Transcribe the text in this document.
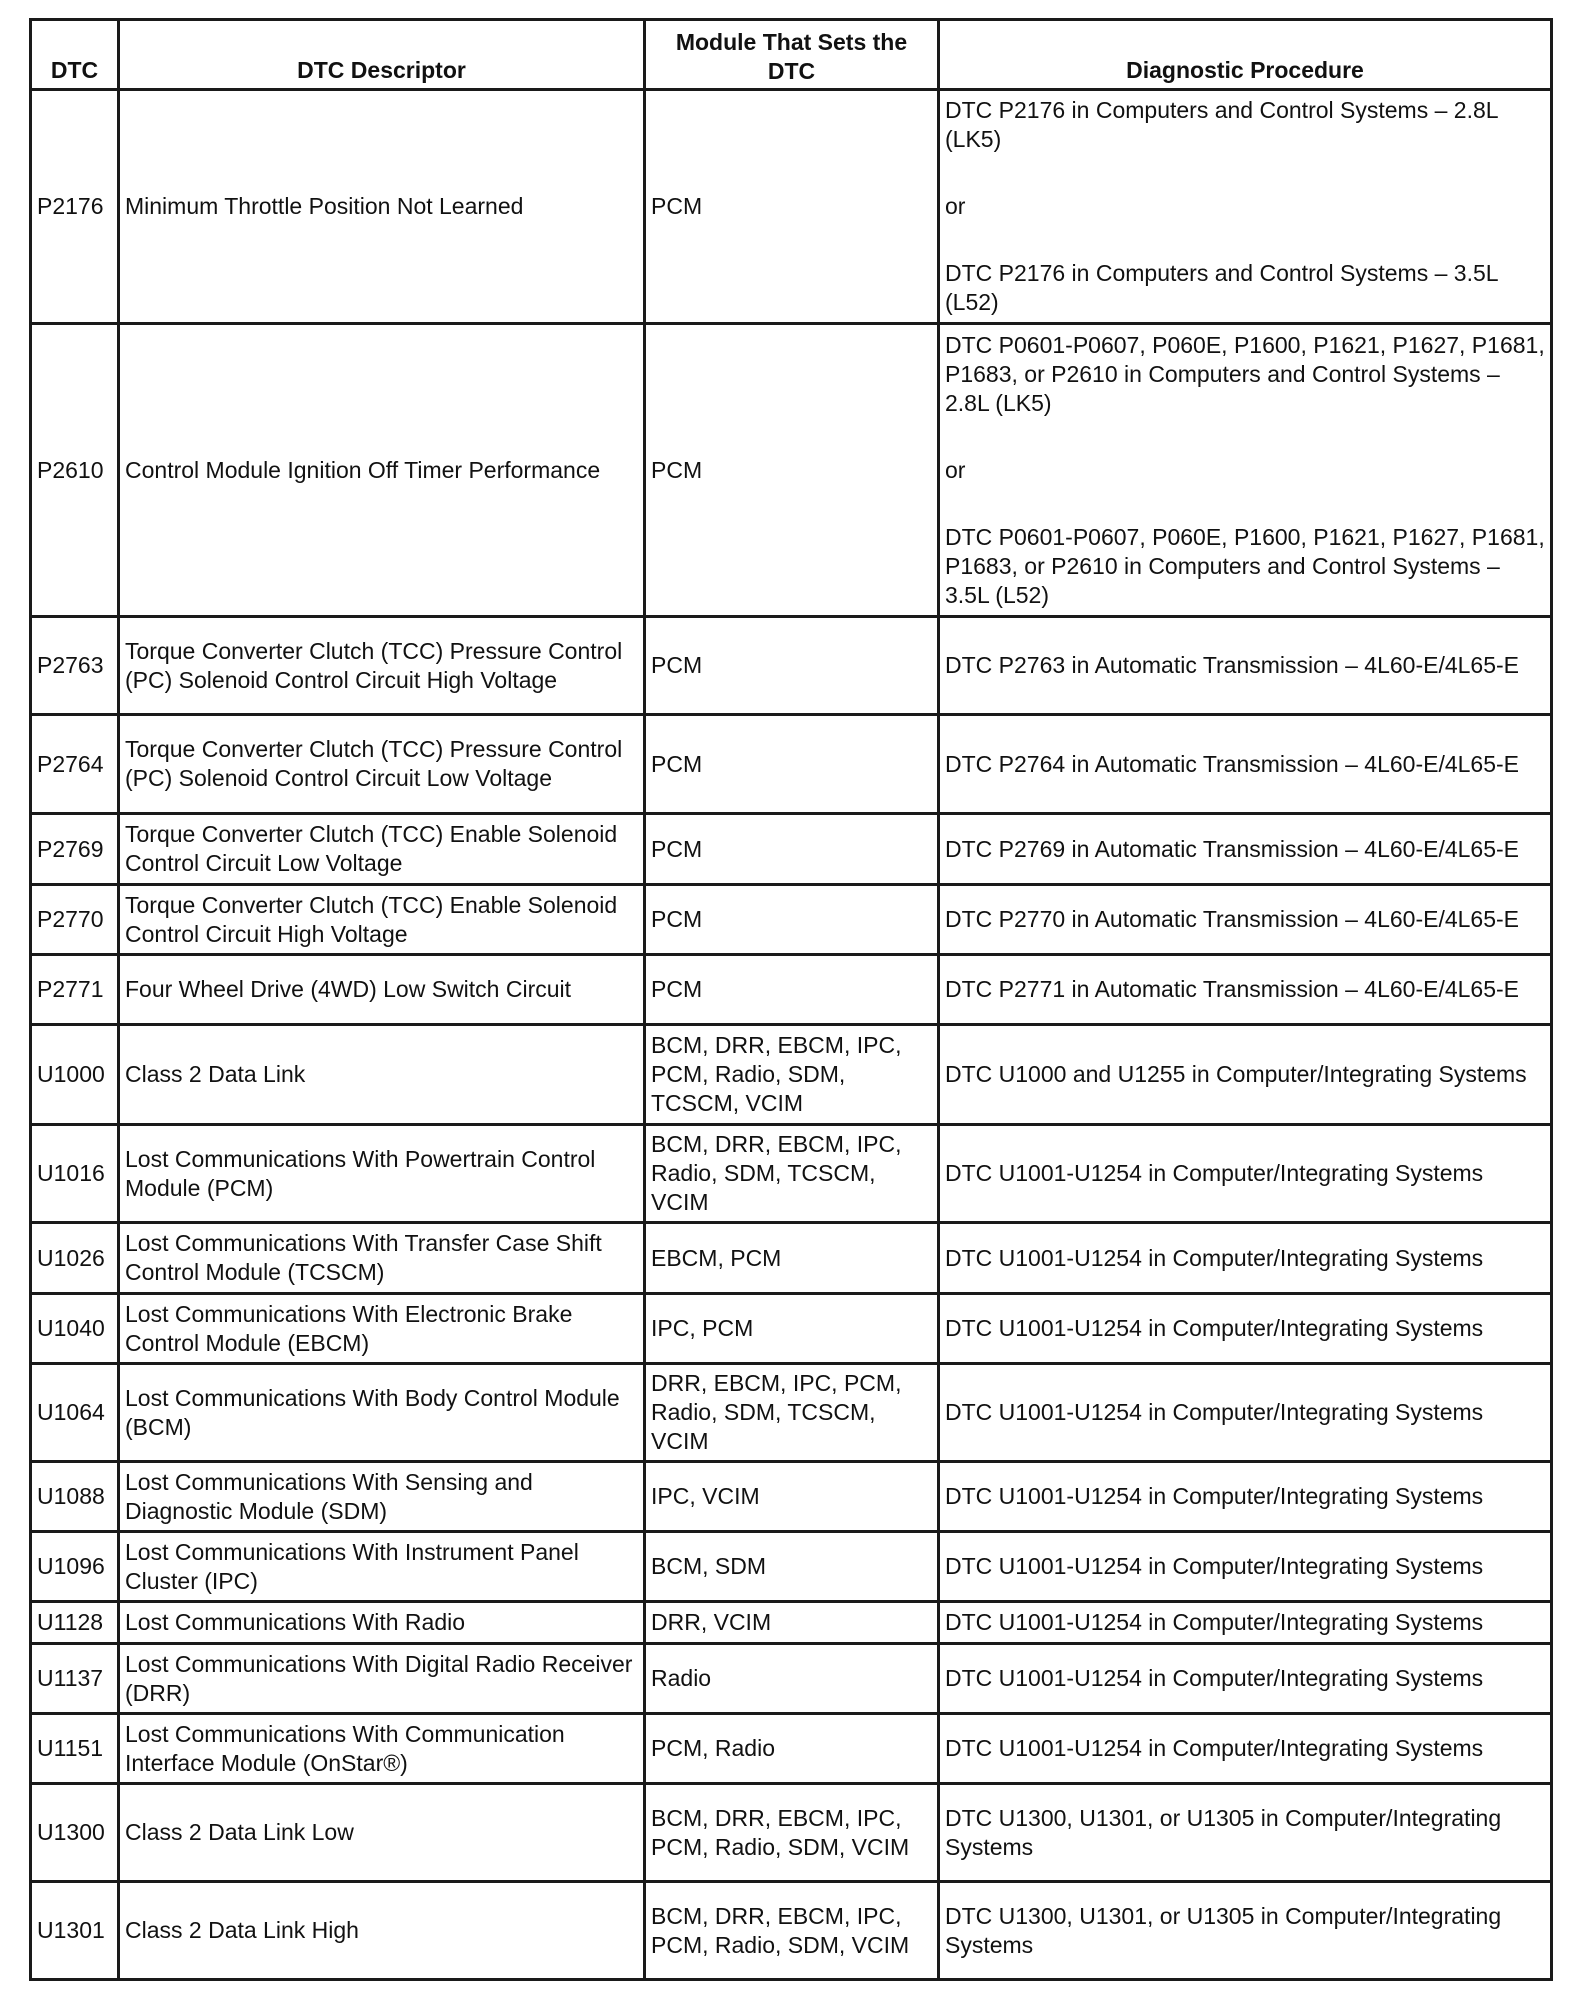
DTC	DTC Descriptor	Module That Sets the DTC	Diagnostic Procedure
P2176	Minimum Throttle Position Not Learned	PCM	DTC P2176 in Computers and Control Systems – 2.8L (LK5)
or
DTC P2176 in Computers and Control Systems – 3.5L (L52)

P2610	Control Module Ignition Off Timer Performance	PCM	DTC P0601-P0607, P060E, P1600, P1621, P1627, P1681, P1683, or P2610 in Computers and Control Systems – 2.8L (LK5)
or
DTC P0601-P0607, P060E, P1600, P1621, P1627, P1681, P1683, or P2610 in Computers and Control Systems – 3.5L (L52)

P2763	Torque Converter Clutch (TCC) Pressure Control (PC) Solenoid Control Circuit High Voltage	PCM	DTC P2763 in Automatic Transmission – 4L60-E/4L65-E
P2764	Torque Converter Clutch (TCC) Pressure Control (PC) Solenoid Control Circuit Low Voltage	PCM	DTC P2764 in Automatic Transmission – 4L60-E/4L65-E
P2769	Torque Converter Clutch (TCC) Enable Solenoid Control Circuit Low Voltage	PCM	DTC P2769 in Automatic Transmission – 4L60-E/4L65-E
P2770	Torque Converter Clutch (TCC) Enable Solenoid Control Circuit High Voltage	PCM	DTC P2770 in Automatic Transmission – 4L60-E/4L65-E
P2771	Four Wheel Drive (4WD) Low Switch Circuit	PCM	DTC P2771 in Automatic Transmission – 4L60-E/4L65-E
U1000	Class 2 Data Link	BCM, DRR, EBCM, IPC, PCM, Radio, SDM, TCSCM, VCIM	DTC U1000 and U1255 in Computer/Integrating Systems
U1016	Lost Communications With Powertrain Control Module (PCM)	BCM, DRR, EBCM, IPC, Radio, SDM, TCSCM, VCIM	DTC U1001-U1254 in Computer/Integrating Systems
U1026	Lost Communications With Transfer Case Shift Control Module (TCSCM)	EBCM, PCM	DTC U1001-U1254 in Computer/Integrating Systems
U1040	Lost Communications With Electronic Brake Control Module (EBCM)	IPC, PCM	DTC U1001-U1254 in Computer/Integrating Systems
U1064	Lost Communications With Body Control Module (BCM)	DRR, EBCM, IPC, PCM, Radio, SDM, TCSCM, VCIM	DTC U1001-U1254 in Computer/Integrating Systems
U1088	Lost Communications With Sensing and Diagnostic Module (SDM)	IPC, VCIM	DTC U1001-U1254 in Computer/Integrating Systems
U1096	Lost Communications With Instrument Panel Cluster (IPC)	BCM, SDM	DTC U1001-U1254 in Computer/Integrating Systems
U1128	Lost Communications With Radio	DRR, VCIM	DTC U1001-U1254 in Computer/Integrating Systems
U1137	Lost Communications With Digital Radio Receiver (DRR)	Radio	DTC U1001-U1254 in Computer/Integrating Systems
U1151	Lost Communications With Communication Interface Module (OnStar®)	PCM, Radio	DTC U1001-U1254 in Computer/Integrating Systems
U1300	Class 2 Data Link Low	BCM, DRR, EBCM, IPC, PCM, Radio, SDM, VCIM	DTC U1300, U1301, or U1305 in Computer/Integrating Systems
U1301	Class 2 Data Link High	BCM, DRR, EBCM, IPC, PCM, Radio, SDM, VCIM	DTC U1300, U1301, or U1305 in Computer/Integrating Systems
